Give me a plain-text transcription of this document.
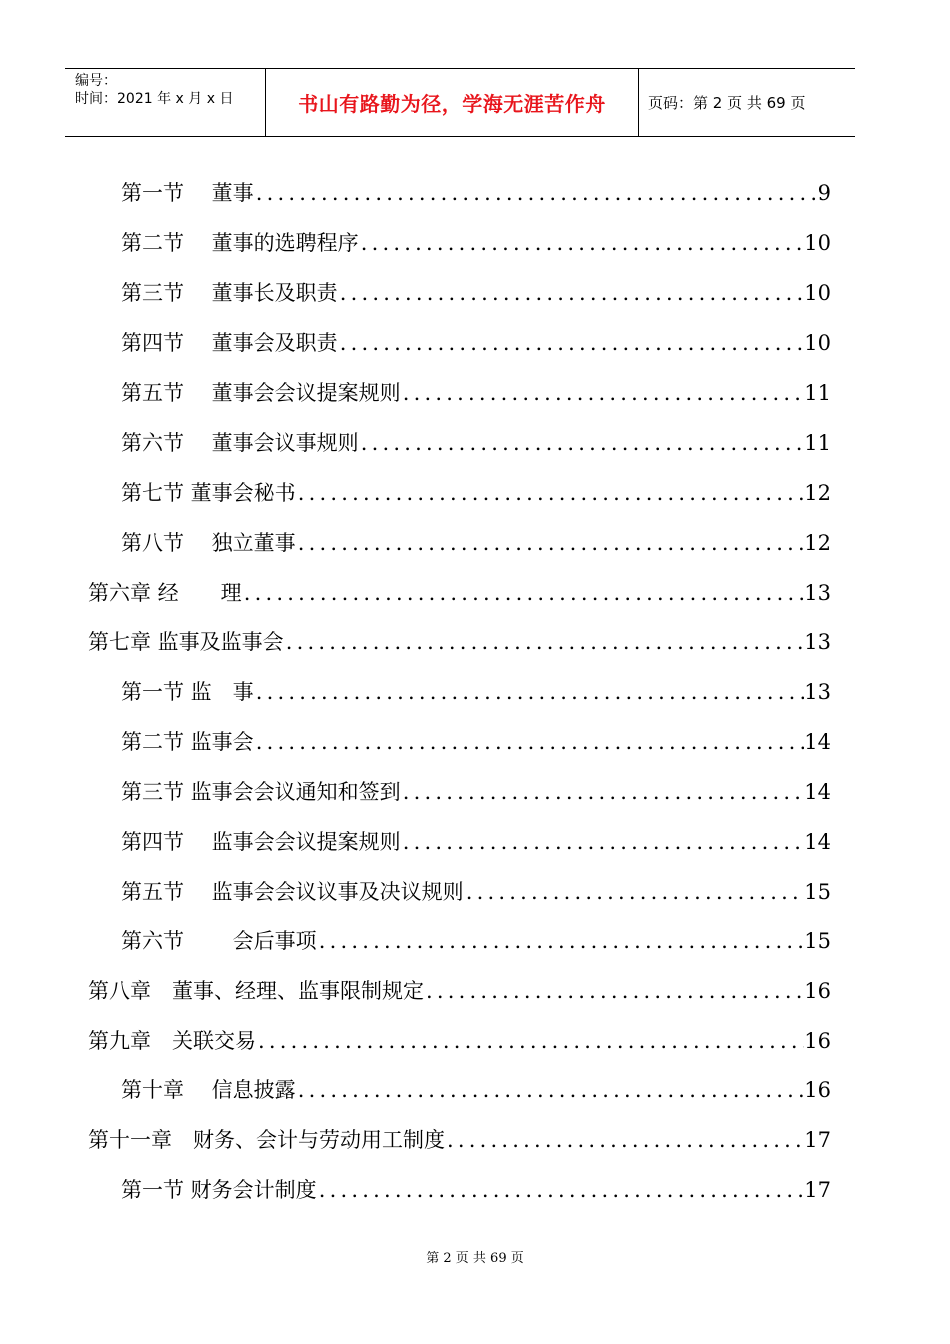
编号：
时间：2021 年 x 月 x 日	书山有路勤为径，学海无涯苦作舟	页码：第 2 页 共 69 页
第一节　 董事 .....	9
第二节　 董事的选聘程序 .....	10
第三节　 董事长及职责 .....	10
第四节　 董事会及职责 .....	10
第五节　 董事会会议提案规则 .....	11
第六节　 董事会议事规则 .....	11
第七节 董事会秘书 .....	12
第八节　 独立董事 .....	12
第六章 经　　理 .....	13
第七章 监事及监事会 .....	13
第一节 监　事 .....	13
第二节 监事会 .....	14
第三节 监事会会议通知和签到 .....	14
第四节　 监事会会议提案规则 .....	14
第五节　 监事会会议议事及决议规则 .....	15
第六节　　 会后事项 .....	15
第八章　董事、经理、监事限制规定 .....	16
第九章　关联交易 .....	16
第十章　 信息披露 .....	16
第十一章　财务、会计与劳动用工制度 .....	17
第一节 财务会计制度 .....	17
第 2 页 共 69 页
